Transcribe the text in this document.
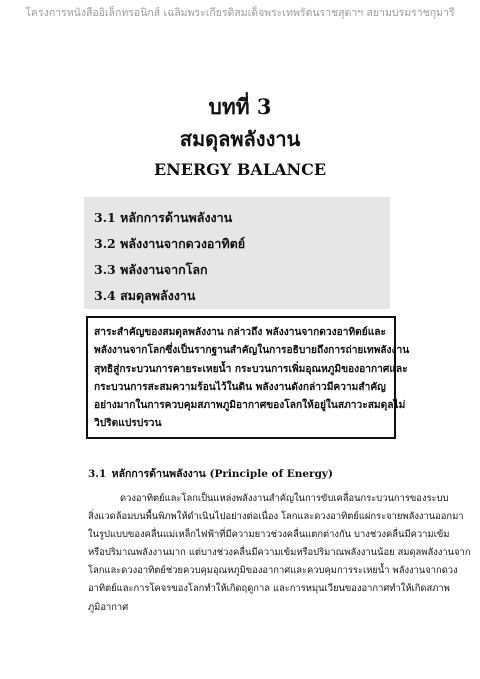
โครงการหนังสืออิเล็กทรอนิกส์ เฉลิมพระเกียรติสมเด็จพระเทพรัตนราชสุดาฯ สยามบรมราชกุมารี
บทที่ 3
สมดุลพลังงาน
ENERGY BALANCE
3.1 หลักการด้านพลังงาน
3.2 พลังงานจากดวงอาทิตย์
3.3 พลังงานจากโลก
3.4 สมดุลพลังงาน
สาระสำคัญของสมดุลพลังงาน กล่าวถึง พลังงานจากดวงอาทิตย์และ
พลังงานจากโลกซึ่งเป็นรากฐานสำคัญในการอธิบายถึงการถ่ายเทพลังงาน
สุทธิสู่กระบวนการคายระเหยน้ำ กระบวนการเพิ่มอุณหภูมิของอากาศและ
กระบวนการสะสมความร้อนไว้ในดิน พลังงานดังกล่าวมีความสำคัญ
อย่างมากในการควบคุมสภาพภูมิอากาศของโลกให้อยู่ในสภาวะสมดุลไม่
วิปริตแปรปรวน
3.1 หลักการด้านพลังงาน (Principle of Energy)
ดวงอาทิตย์และโลกเป็นแหล่งพลังงานสำคัญในการขับเคลื่อนกระบวนการของระบบ
สิ่งแวดล้อมบนพื้นพิภพให้ดำเนินไปอย่างต่อเนื่อง โลกและดวงอาทิตย์แผ่กระจายพลังงานออกมา
ในรูปแบบของคลื่นแม่เหล็กไฟฟ้าที่มีความยาวช่วงคลื่นแตกต่างกัน บางช่วงคลื่นมีความเข้ม
หรือปริมาณพลังงานมาก แต่บางช่วงคลื่นมีความเข้มหรือปริมาณพลังงานน้อย สมดุลพลังงานจาก
โลกและดวงอาทิตย์ช่วยควบคุมอุณหภูมิของอากาศและควบคุมการระเหยน้ำ พลังงานจากดวง
อาทิตย์และการโคจรของโลกทำให้เกิดฤดูกาล และการหมุนเวียนของอากาศทำให้เกิดสภาพ
ภูมิอากาศ
